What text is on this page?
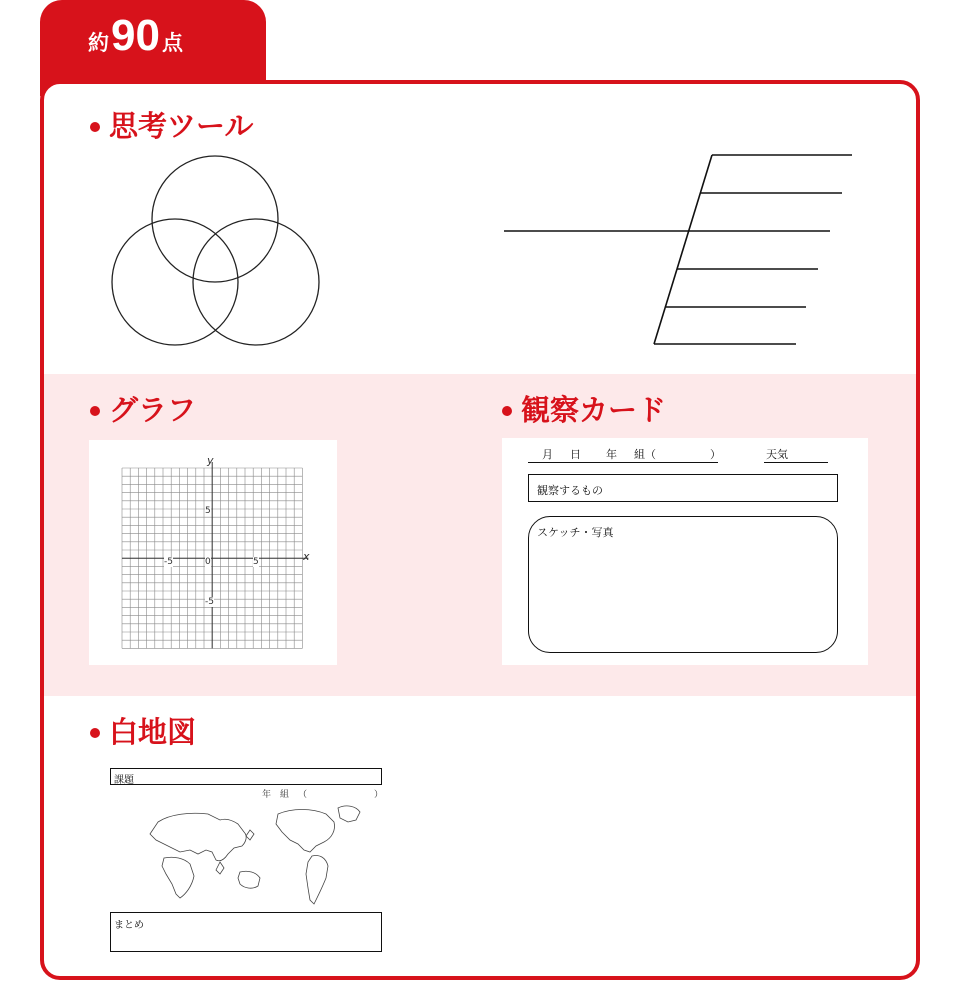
約 90 点
思考ツール
グラフ	観察カード
y
x
5
-5	0	5
-5
月 日 年 組（	）	天気
観察するもの
スケッチ・写真
白地図
課題
年 組 （	）
まとめ
